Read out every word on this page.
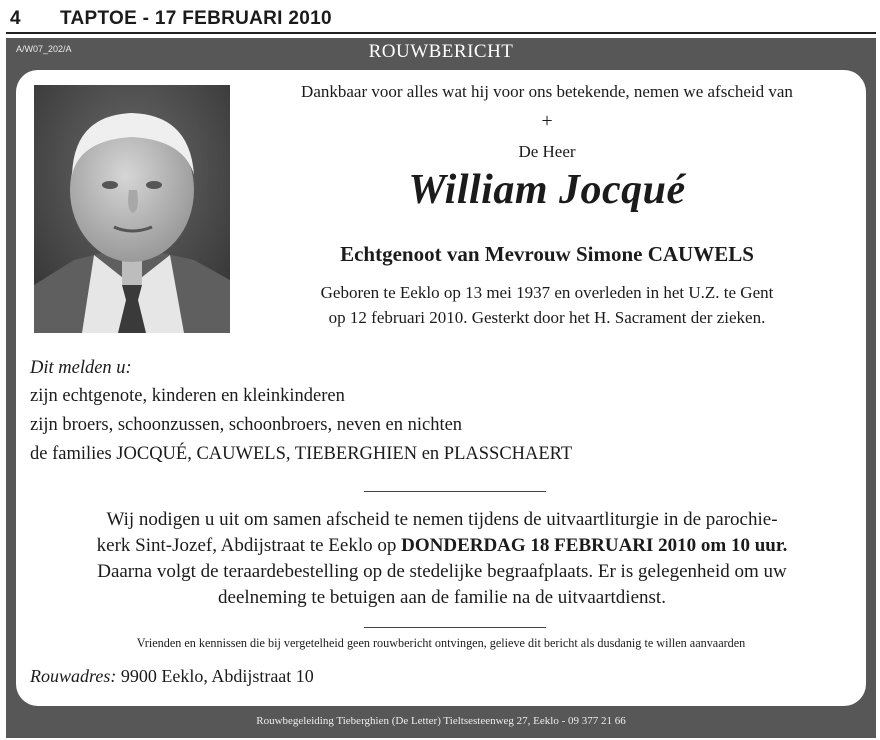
4 TAPTOE - 17 FEBRUARI 2010
A/W07_202/A	ROUWBERICHT
Dankbaar voor alles wat hij voor ons betekende, nemen we afscheid van
+
De Heer
William Jocqué
Echtgenoot van Mevrouw Simone CAUWELS
Geboren te Eeklo op 13 mei 1937 en overleden in het U.Z. te Gent
op 12 februari 2010. Gesterkt door het H. Sacrament der zieken.
Dit melden u:
zijn echtgenote, kinderen en kleinkinderen
zijn broers, schoonzussen, schoonbroers, neven en nichten
de families JOCQUÉ, CAUWELS, TIEBERGHIEN en PLASSCHAERT
Wij nodigen u uit om samen afscheid te nemen tijdens de uitvaartliturgie in de parochie-
kerk Sint-Jozef, Abdijstraat te Eeklo op DONDERDAG 18 FEBRUARI 2010 om 10 uur.
Daarna volgt de teraardebestelling op de stedelijke begraafplaats. Er is gelegenheid om uw
deelneming te betuigen aan de familie na de uitvaartdienst.
Vrienden en kennissen die bij vergetelheid geen rouwbericht ontvingen, gelieve dit bericht als dusdanig te willen aanvaarden
Rouwadres: 9900 Eeklo, Abdijstraat 10
Rouwbegeleiding Tieberghien (De Letter) Tieltsesteenweg 27, Eeklo - 09 377 21 66
